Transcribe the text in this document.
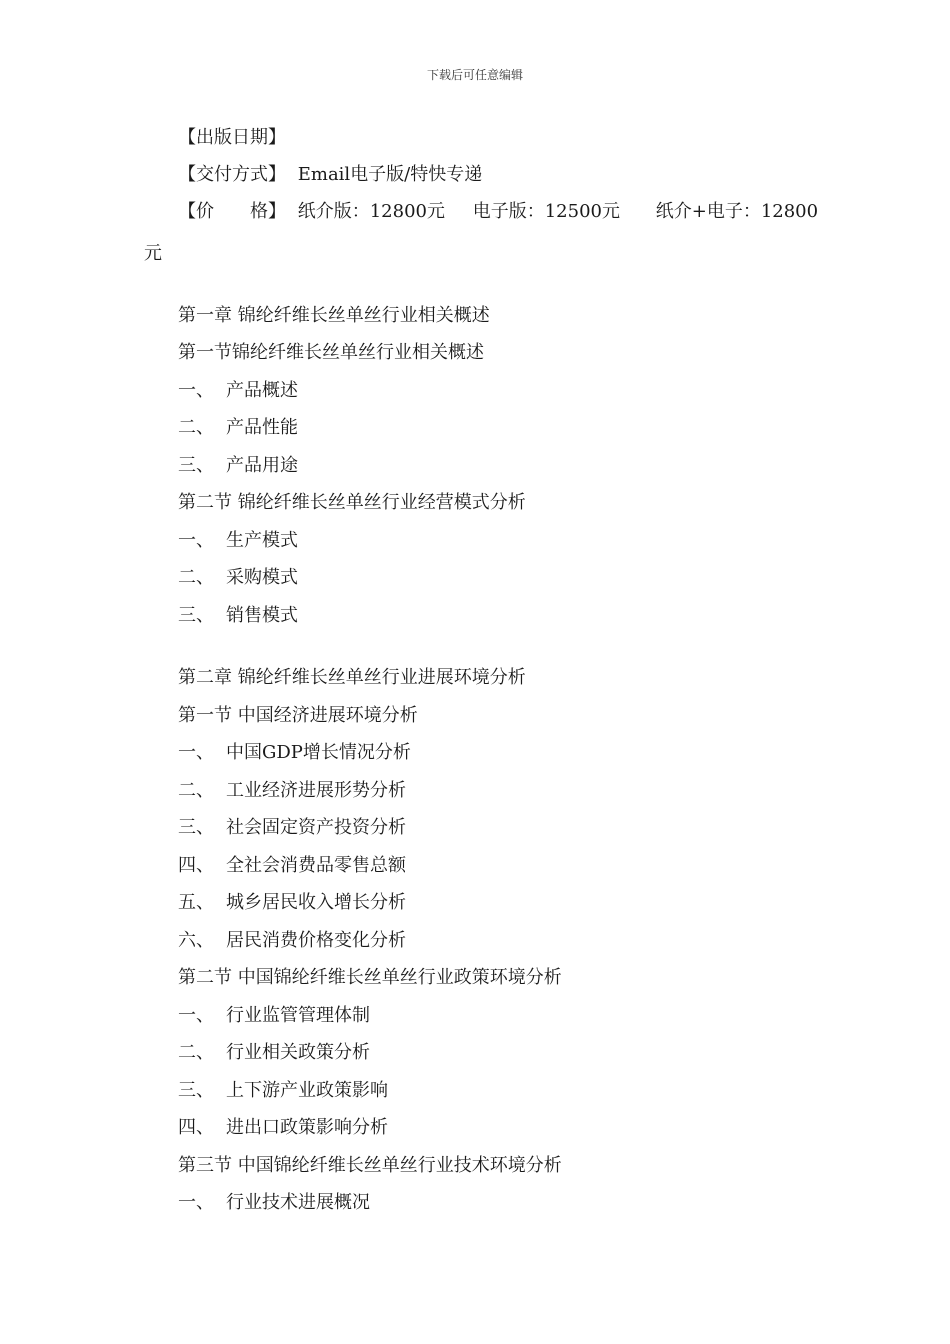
下载后可任意编辑
【出版日期】
【交付方式】 Email电子版/特快专递
【价　　格】 纸介版：12800元 电子版：12500元 纸介+电子：12800
元
第一章 锦纶纤维长丝单丝行业相关概述
第一节锦纶纤维长丝单丝行业相关概述
一、 产品概述
二、 产品性能
三、 产品用途
第二节 锦纶纤维长丝单丝行业经营模式分析
一、 生产模式
二、 采购模式
三、 销售模式
第二章 锦纶纤维长丝单丝行业进展环境分析
第一节 中国经济进展环境分析
一、 中国GDP增长情况分析
二、 工业经济进展形势分析
三、 社会固定资产投资分析
四、 全社会消费品零售总额
五、 城乡居民收入增长分析
六、 居民消费价格变化分析
第二节 中国锦纶纤维长丝单丝行业政策环境分析
一、 行业监管管理体制
二、 行业相关政策分析
三、 上下游产业政策影响
四、 进出口政策影响分析
第三节 中国锦纶纤维长丝单丝行业技术环境分析
一、 行业技术进展概况
